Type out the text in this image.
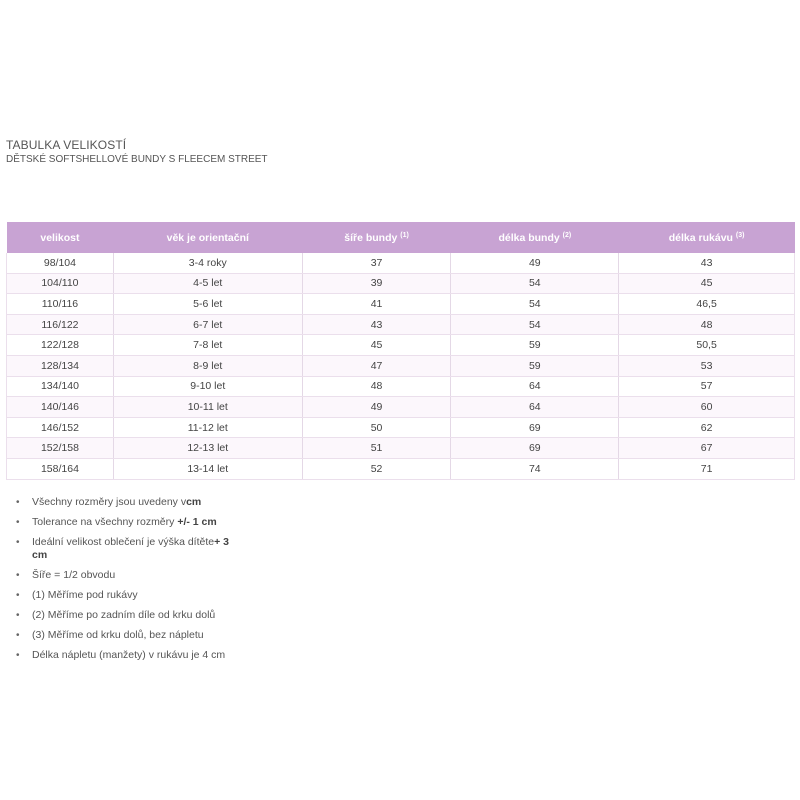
TABULKA VELIKOSTÍ
DĚTSKÉ SOFTSHELLOVÉ BUNDY S FLEECEM STREET
velikost	věk je orientační	šíře bundy $^{(1)}$	délka bundy $^{(2)}$	délka rukávu $^{(3)}$
98/104	3-4 roky	37	49	43
104/110	4-5 let	39	54	45
110/116	5-6 let	41	54	46,5
116/122	6-7 let	43	54	48
122/128	7-8 let	45	59	50,5
128/134	8-9 let	47	59	53
134/140	9-10 let	48	64	57
140/146	10-11 let	49	64	60
146/152	11-12 let	50	69	62
152/158	12-13 let	51	69	67
158/164	13-14 let	52	74	71
• Všechny rozměry jsou uvedeny vcm
• Tolerance na všechny rozměry +/- 1 cm
• Ideální velikost oblečení je výška dítěte+ 3 cm
• Šíře = 1/2 obvodu
• (1) Měříme pod rukávy
• (2) Měříme po zadním díle od krku dolů
• (3) Měříme od krku dolů, bez nápletu
• Délka nápletu (manžety) v rukávu je 4 cm
